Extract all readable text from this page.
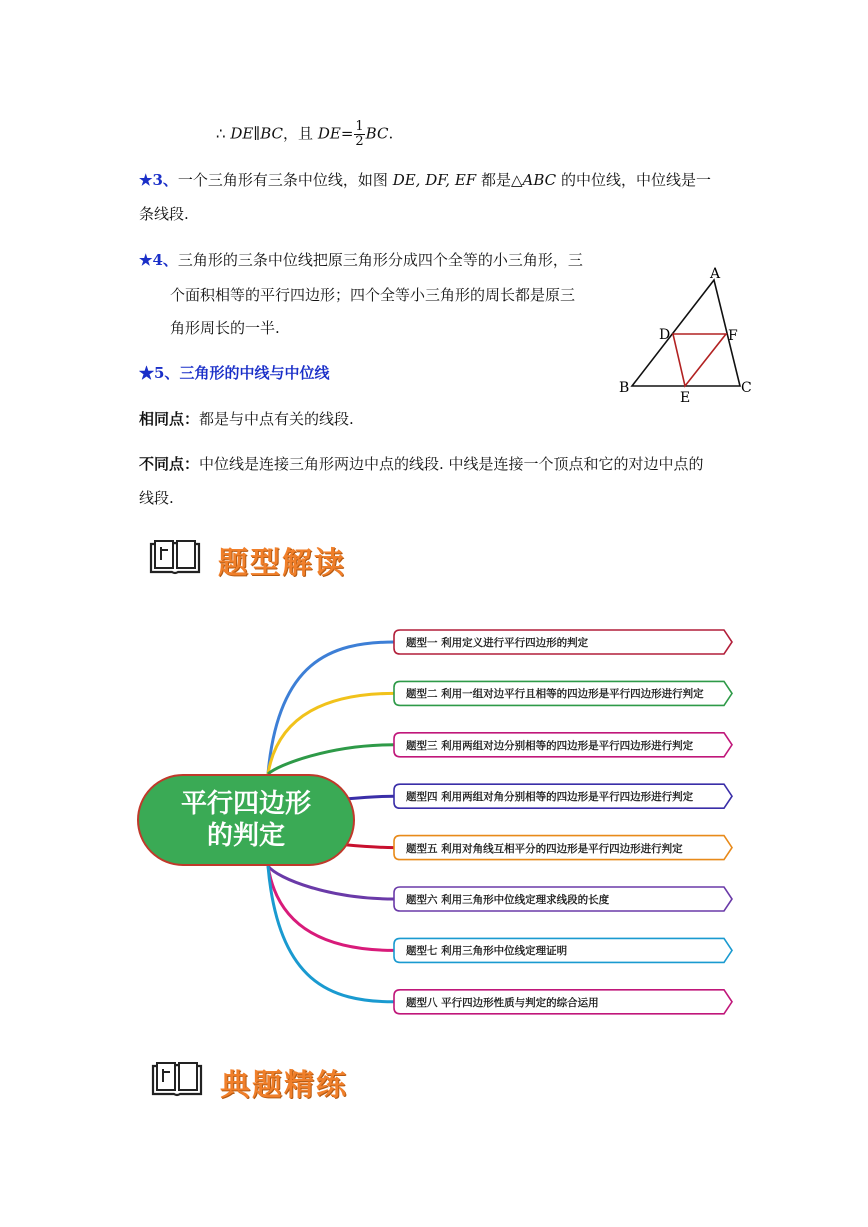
∴ DE∥BC，且 $DE= \frac{1}{2}$ BC.
★3、一个三角形有三条中位线，如图 DE, DF, EF 都是△ABC 的中位线，中位线是一
条线段.
★4、三角形的三条中位线把原三角形分成四个全等的小三角形，三
个面积相等的平行四边形；四个全等小三角形的周长都是原三
角形周长的一半.
A
B	C
D
E
F
★5、三角形的中线与中位线
相同点：都是与中点有关的线段.
不同点：中位线是连接三角形两边中点的线段. 中线是连接一个顶点和它的对边中点的
线段.
题型解读
平行四边形
的判定
题型一 利用定义进行平行四边形的判定
题型二 利用一组对边平行且相等的四边形是平行四边形进行判定
题型三 利用两组对边分别相等的四边形是平行四边形进行判定
题型四 利用两组对角分别相等的四边形是平行四边形进行判定
题型五 利用对角线互相平分的四边形是平行四边形进行判定
题型六 利用三角形中位线定理求线段的长度
题型七 利用三角形中位线定理证明
题型八 平行四边形性质与判定的综合运用
典题精练
